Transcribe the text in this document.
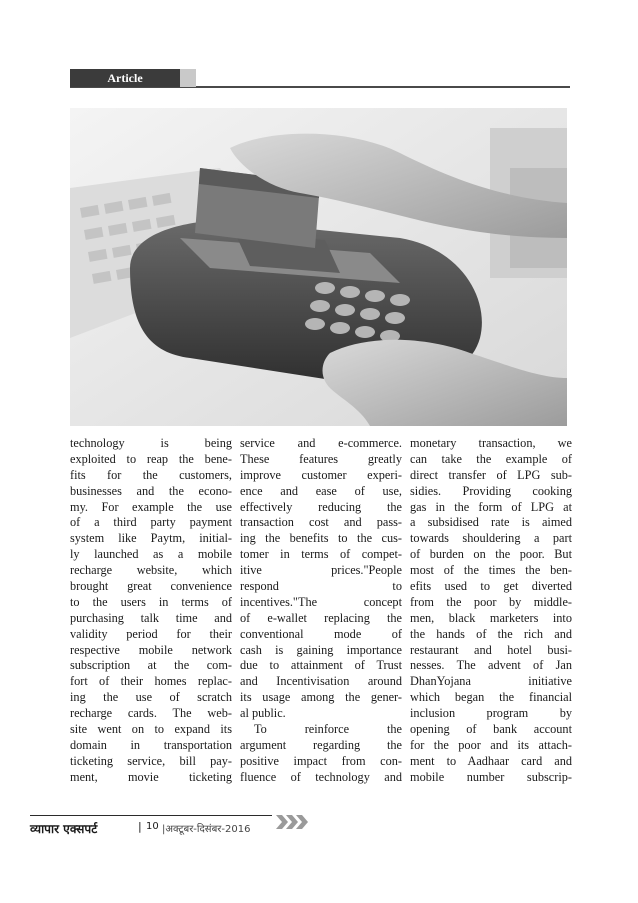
Article
technology is being
exploited to reap the bene-
fits for the customers,
businesses and the econo-
my. For example the use
of a third party payment
system like Paytm, initial-
ly launched as a mobile
recharge website, which
brought great convenience
to the users in terms of
purchasing talk time and
validity period for their
respective mobile network
subscription at the com-
fort of their homes replac-
ing the use of scratch
recharge cards. The web-
site went on to expand its
domain in transportation
ticketing service, bill pay-
ment, movie ticketing
service and e-commerce.
These features greatly
improve customer experi-
ence and ease of use,
effectively reducing the
transaction cost and pass-
ing the benefits to the cus-
tomer in terms of compet-
itive prices."People
respond to
incentives."The concept
of e-wallet replacing the
conventional mode of
cash is gaining importance
due to attainment of Trust
and Incentivisation around
its usage among the gener-
al public.
To reinforce the
argument regarding the
positive impact from con-
fluence of technology and
monetary transaction, we
can take the example of
direct transfer of LPG sub-
sidies. Providing cooking
gas in the form of LPG at
a subsidised rate is aimed
towards shouldering a part
of burden on the poor. But
most of the times the ben-
efits used to get diverted
from the poor by middle-
men, black marketers into
the hands of the rich and
restaurant and hotel busi-
nesses. The advent of Jan
DhanYojana initiative
which began the financial
inclusion program by
opening of bank account
for the poor and its attach-
ment to Aadhaar card and
mobile number subscrip-
व्यापार एक्सपर्ट	| 10 |अक्टूबर-दिसंबर-2016
